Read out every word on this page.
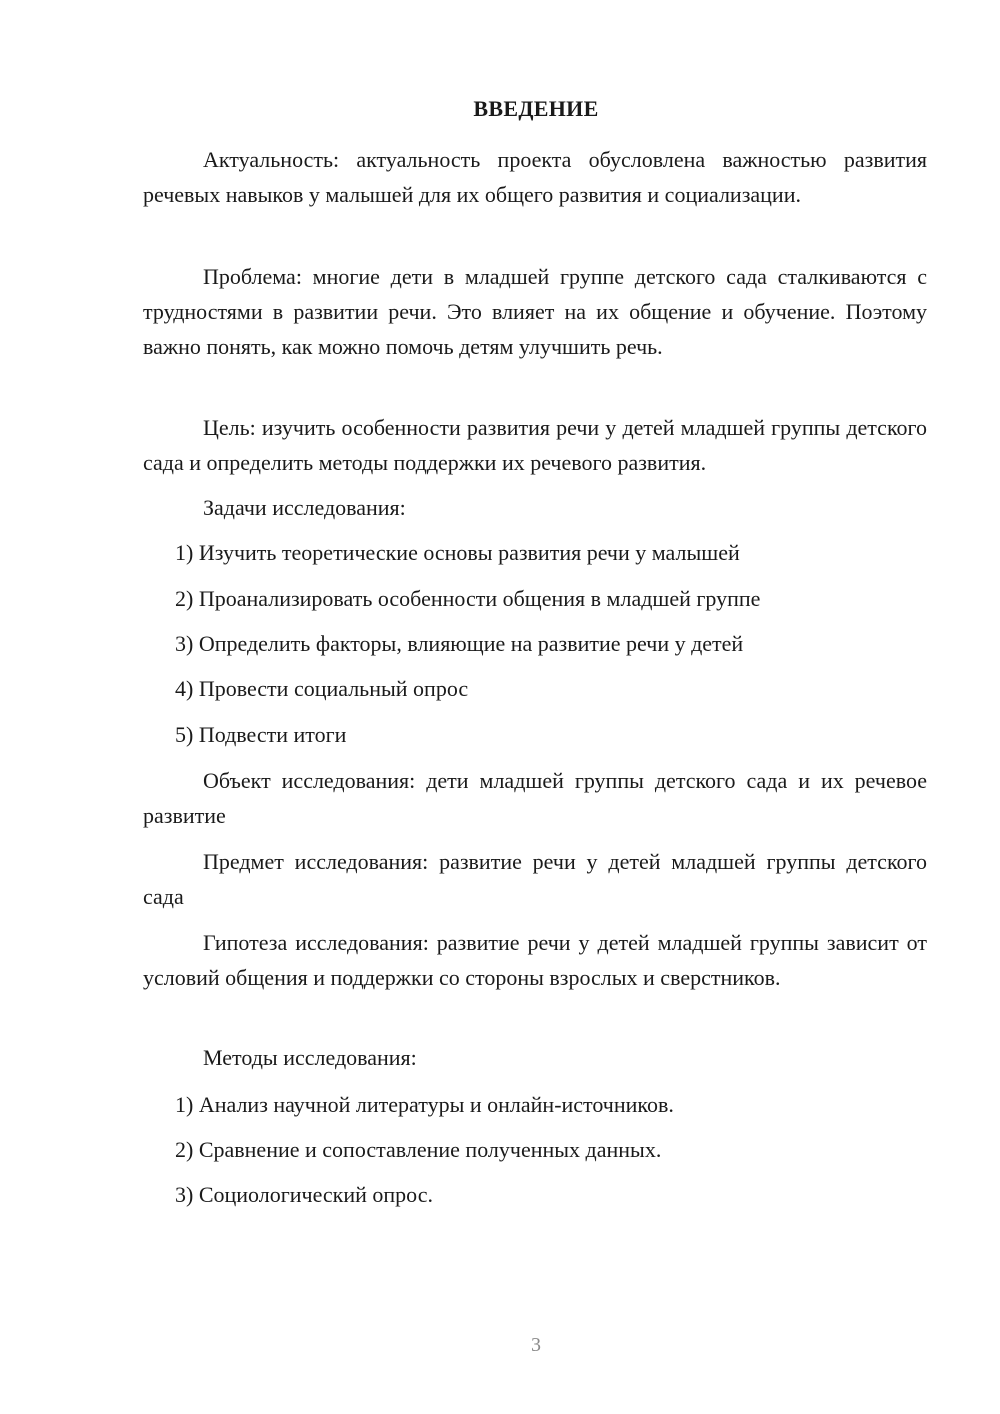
ВВЕДЕНИЕ

Актуальность: актуальность проекта обусловлена важностью развития речевых навыков у малышей для их общего развития и социализации.

Проблема: многие дети в младшей группе детского сада сталкиваются с трудностями в развитии речи. Это влияет на их общение и обучение. Поэтому важно понять, как можно помочь детям улучшить речь.

Цель: изучить особенности развития речи у детей младшей группы детского сада и определить методы поддержки их речевого развития.

Задачи исследования:
1) Изучить теоретические основы развития речи у малышей
2) Проанализировать особенности общения в младшей группе
3) Определить факторы, влияющие на развитие речи у детей
4) Провести социальный опрос
5) Подвести итоги

Объект исследования: дети младшей группы детского сада и их речевое развитие

Предмет исследования: развитие речи у детей младшей группы детского сада

Гипотеза исследования: развитие речи у детей младшей группы зависит от условий общения и поддержки со стороны взрослых и сверстников.

Методы исследования:
1) Анализ научной литературы и онлайн-источников.
2) Сравнение и сопоставление полученных данных.
3) Социологический опрос.
3
